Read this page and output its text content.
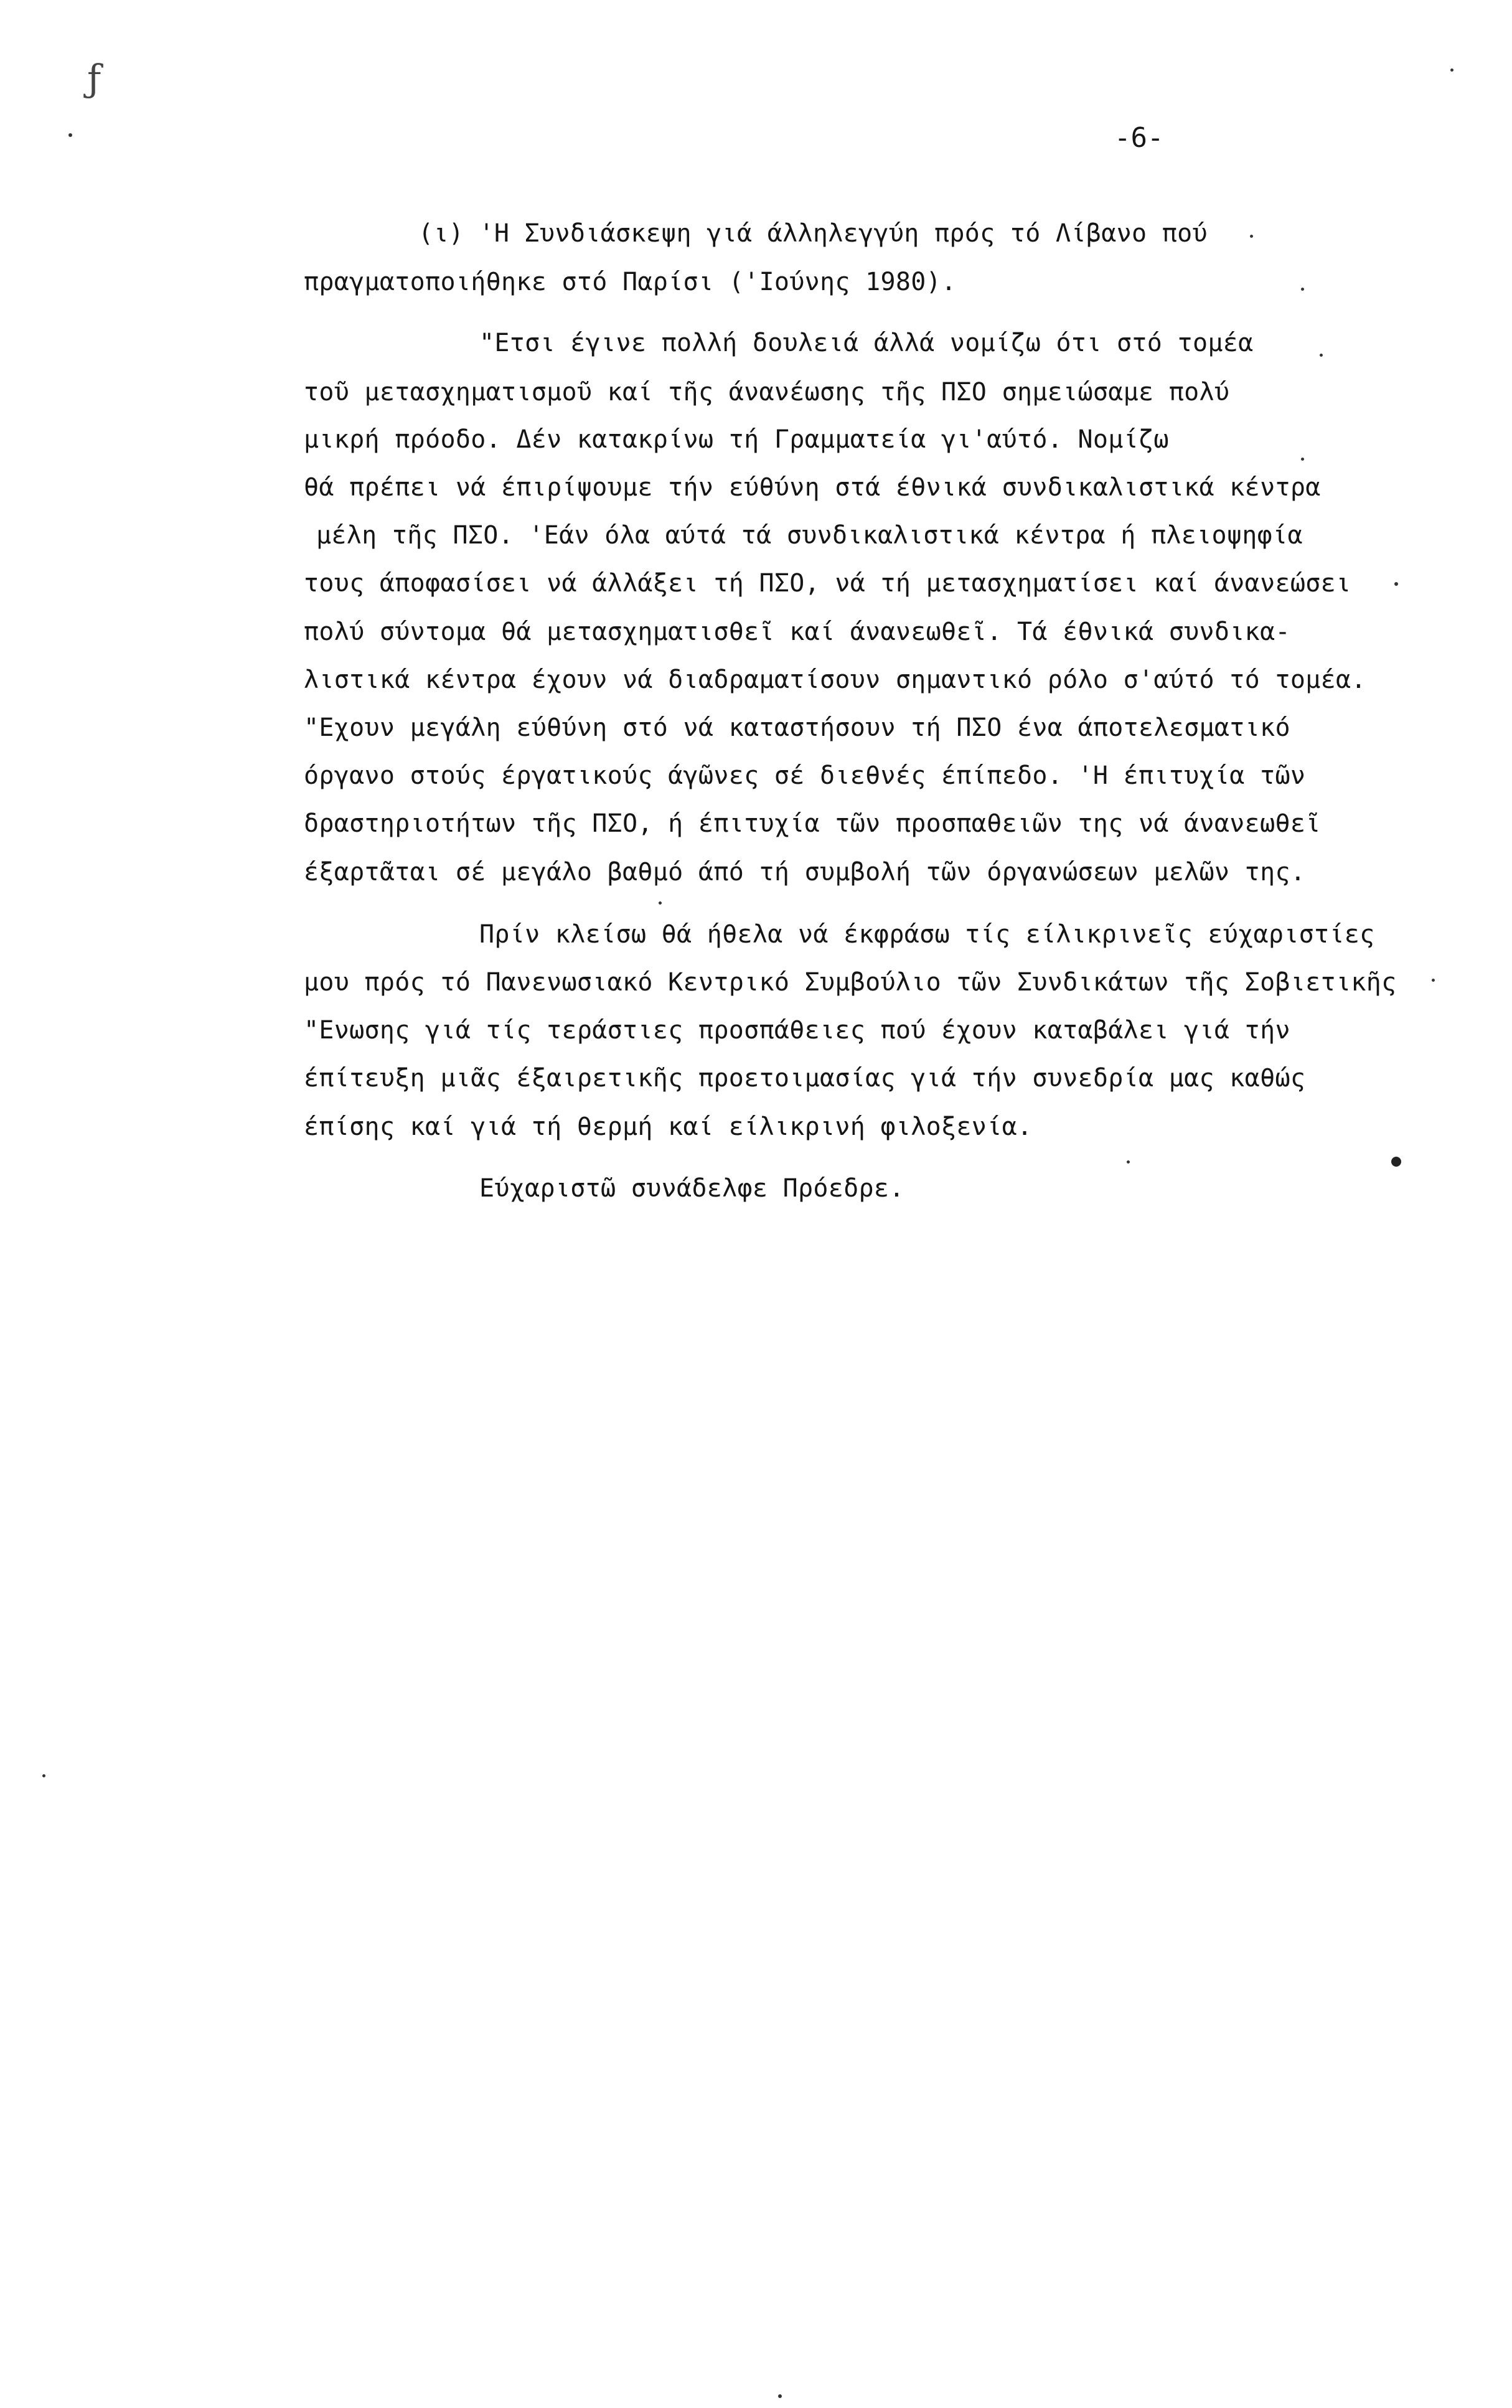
ƒ
-6-
(ι) 'Η Συνδιάσκεψη γιά άλληλεγγύη πρός τό Λίβανο πού
πραγματοποιήθηκε στό Παρίσι ('Ιούνης 1980).
"Ετσι έγινε πολλή δουλειά άλλά νομίζω ότι στό τομέα
τοῦ μετασχηματισμοῦ καί τῆς άνανέωσης τῆς ΠΣΟ σημειώσαμε πολύ
μικρή πρόοδο. Δέν κατακρίνω τή Γραμματεία γι'αύτό. Νομίζω
θά πρέπει νά έπιρίψουμε τήν εύθύνη στά έθνικά συνδικαλιστικά κέντρα
μέλη τῆς ΠΣΟ. 'Εάν όλα αύτά τά συνδικαλιστικά κέντρα ή πλειοψηφία
τους άποφασίσει νά άλλάξει τή ΠΣΟ, νά τή μετασχηματίσει καί άνανεώσει
πολύ σύντομα θά μετασχηματισθεῖ καί άνανεωθεῖ. Τά έθνικά συνδικα-
λιστικά κέντρα έχουν νά διαδραματίσουν σημαντικό ρόλο σ'αύτό τό τομέα.
"Εχουν μεγάλη εύθύνη στό νά καταστήσουν τή ΠΣΟ ένα άποτελεσματικό
όργανο στούς έργατικούς άγῶνες σέ διεθνές έπίπεδο. 'Η έπιτυχία τῶν
δραστηριοτήτων τῆς ΠΣΟ, ή έπιτυχία τῶν προσπαθειῶν της νά άνανεωθεῖ
έξαρτᾶται σέ μεγάλο βαθμό άπό τή συμβολή τῶν όργανώσεων μελῶν της.
Πρίν κλείσω θά ήθελα νά έκφράσω τίς είλικρινεῖς εύχαριστίες
μου πρός τό Πανενωσιακό Κεντρικό Συμβούλιο τῶν Συνδικάτων τῆς Σοβιετικῆς
"Ενωσης γιά τίς τεράστιες προσπάθειες πού έχουν καταβάλει γιά τήν
έπίτευξη μιᾶς έξαιρετικῆς προετοιμασίας γιά τήν συνεδρία μας καθώς
έπίσης καί γιά τή θερμή καί είλικρινή φιλοξενία.
Εύχαριστῶ συνάδελφε Πρόεδρε.
